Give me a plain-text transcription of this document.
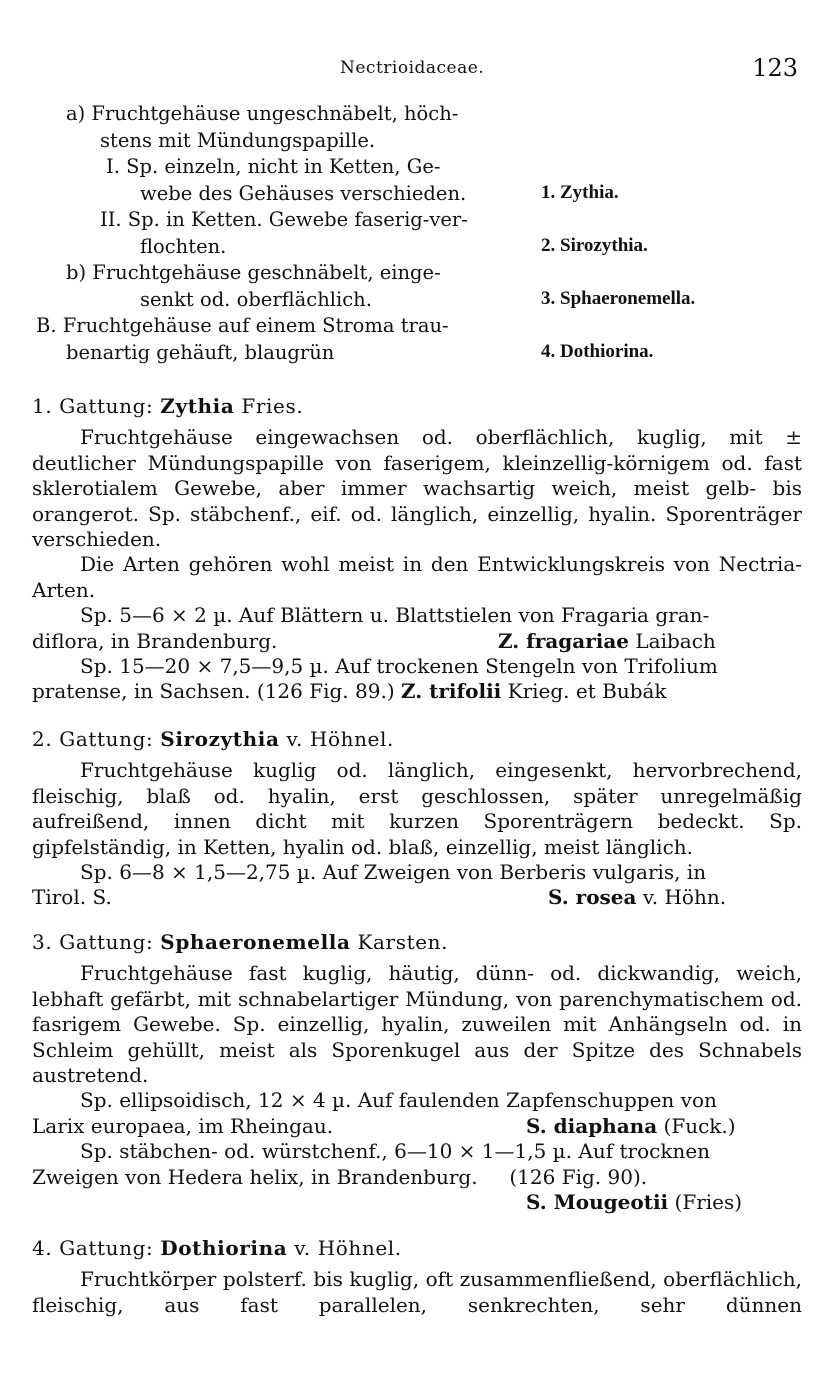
Nectrioidaceae.	123
a) Fruchtgehäuse ungeschnäbelt, höch-
stens mit Mündungspapille.
I. Sp. einzeln, nicht in Ketten, Ge-
webe des Gehäuses verschieden.	1. Zythia.
II. Sp. in Ketten. Gewebe faserig-ver-
flochten.	2. Sirozythia.
b) Fruchtgehäuse geschnäbelt, einge-
senkt od. oberflächlich.	3. Sphaeronemella.
B. Fruchtgehäuse auf einem Stroma trau-
benartig gehäuft, blaugrün	4. Dothiorina.

1. Gattung: Zythia Fries.

Fruchtgehäuse eingewachsen od. oberflächlich, kuglig, mit ± deutlicher Mündungspapille von faserigem, kleinzellig-körnigem od. fast sklerotialem Gewebe, aber immer wachsartig weich, meist gelb- bis orangerot. Sp. stäbchenf., eif. od. länglich, einzellig, hyalin. Sporenträger verschieden.

Die Arten gehören wohl meist in den Entwicklungskreis von Nectria-Arten.

Sp. 5—6 × 2 µ. Auf Blättern u. Blattstielen von Fragaria gran-

diflora, in Brandenburg.	Z. fragariae Laibach

Sp. 15—20 × 7,5—9,5 µ. Auf trockenen Stengeln von Trifolium

pratense, in Sachsen. (126 Fig. 89.) Z. trifolii Krieg. et Bubák

2. Gattung: Sirozythia v. Höhnel.

Fruchtgehäuse kuglig od. länglich, eingesenkt, hervorbrechend, fleischig, blaß od. hyalin, erst geschlossen, später unregelmäßig aufreißend, innen dicht mit kurzen Sporenträgern bedeckt. Sp. gipfelständig, in Ketten, hyalin od. blaß, einzellig, meist länglich.

Sp. 6—8 × 1,5—2,75 µ. Auf Zweigen von Berberis vulgaris, in

Tirol. S.	S. rosea v. Höhn.

3. Gattung: Sphaeronemella Karsten.

Fruchtgehäuse fast kuglig, häutig, dünn- od. dickwandig, weich, lebhaft gefärbt, mit schnabelartiger Mündung, von parenchymatischem od. fasrigem Gewebe. Sp. einzellig, hyalin, zuweilen mit Anhängseln od. in Schleim gehüllt, meist als Sporenkugel aus der Spitze des Schnabels austretend.

Sp. ellipsoidisch, 12 × 4 µ. Auf faulenden Zapfenschuppen von

Larix europaea, im Rheingau.	S. diaphana (Fuck.)

Sp. stäbchen- od. würstchenf., 6—10 × 1—1,5 µ. Auf trocknen

Zweigen von Hedera helix, in Brandenburg.     (126 Fig. 90).

S. Mougeotii (Fries)

4. Gattung: Dothiorina v. Höhnel.

Fruchtkörper polsterf. bis kuglig, oft zusammenfließend, oberflächlich, fleischig, aus fast parallelen, senkrechten, sehr dünnen
